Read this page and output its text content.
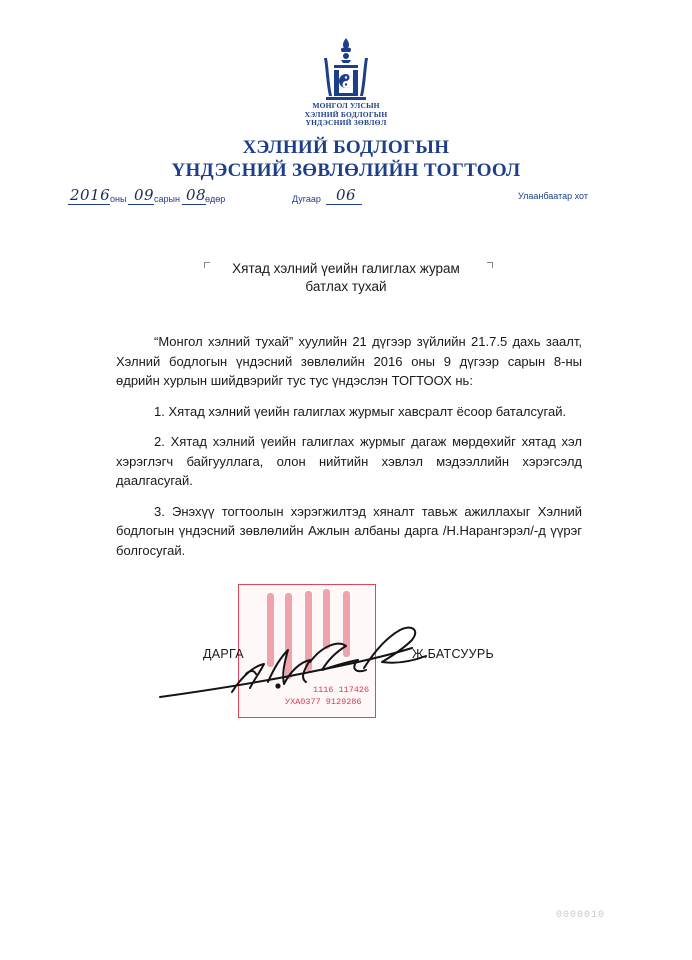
МОНГОЛ УЛСЫН
ХЭЛНИЙ БОДЛОГЫН
ҮНДЭСНИЙ ЗӨВЛӨЛ
ХЭЛНИЙ БОДЛОГЫН
ҮНДЭСНИЙ ЗӨВЛӨЛИЙН ТОГТООЛ
2016 оны 09 сарын 08
өдөр	Дугаар 06	Улаанбаатар хот
Хятад хэлний үеийн галиглах журам
батлах тухай

“Монгол хэлний тухай” хуулийн 21 дүгээр зүйлийн 21.7.5 дахь заалт, Хэлний бодлогын үндэсний зөвлөлийн 2016 оны 9 дүгээр сарын 8-ны өдрийн хурлын шийдвэрийг тус тус үндэслэн ТОГТООХ нь:

1. Хятад хэлний үеийн галиглах журмыг хавсралт ёсоор баталсугай.

2. Хятад хэлний үеийн галиглах журмыг дагаж мөрдөхийг хятад хэл хэрэглэгч байгууллага, олон нийтийн хэвлэл мэдээллийн хэрэгсэлд даалгасугай.

3. Энэхүү тогтоолын хэрэгжилтэд хяналт тавьж ажиллахыг Хэлний бодлогын үндэсний зөвлөлийн Ажлын албаны дарга /Н.Нарангэрэл/-д үүрэг болгосугай.

1116 117426
УХА0377 9129286
ДАРГА	Ж.БАТСУУРЬ
0000010
